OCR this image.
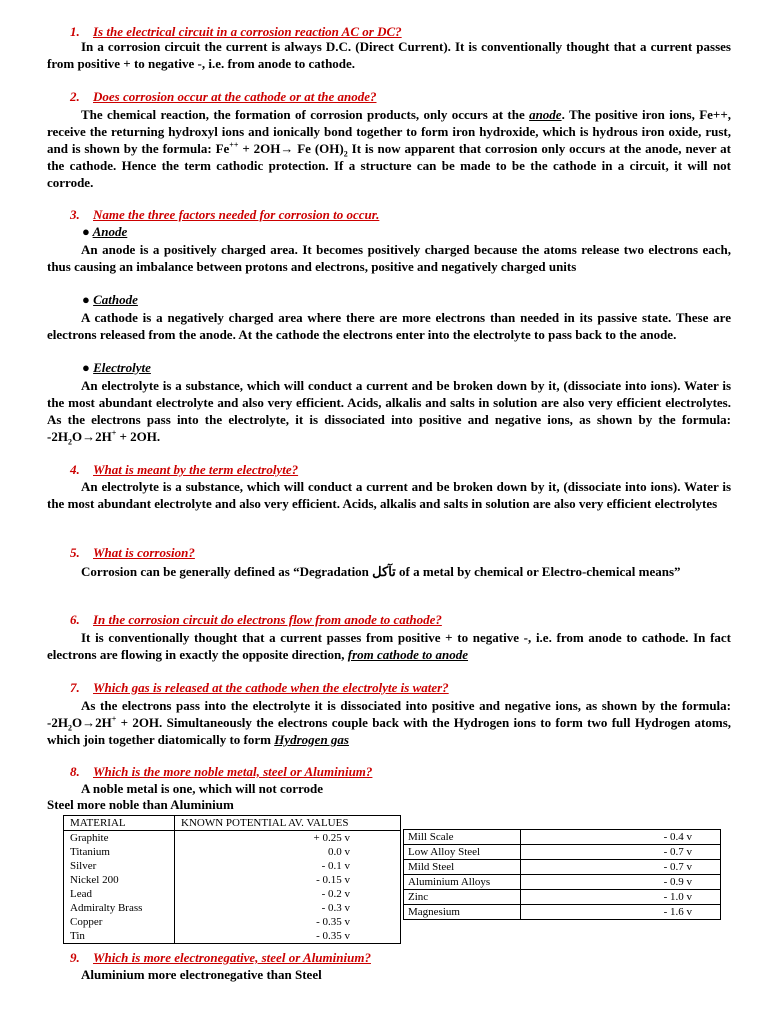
1. Is the electrical circuit in a corrosion reaction AC or DC?

In a corrosion circuit the current is always D.C. (Direct Current). It is conventionally thought that a current passes from positive + to negative -, i.e. from anode to cathode.

2. Does corrosion occur at the cathode or at the anode?

The chemical reaction, the formation of corrosion products, only occurs at the anode. The positive iron ions, Fe++, receive the returning hydroxyl ions and ionically bond together to form iron hydroxide, which is hydrous iron oxide, rust, and is shown by the formula: Fe++ + 2OH→ Fe $(OH)_2$ It is now apparent that corrosion only occurs at the anode, never at the cathode. Hence the term cathodic protection. If a structure can be made to be the cathode in a circuit, it will not corrode.

3. Name the three factors needed for corrosion to occur.
● Anode

An anode is a positively charged area. It becomes positively charged because the atoms release two electrons each, thus causing an imbalance between protons and electrons, positive and negatively charged units

● Cathode

A cathode is a negatively charged area where there are more electrons than needed in its passive state. These are electrons released from the anode. At the cathode the electrons enter into the electrolyte to pass back to the anode.

● Electrolyte

An electrolyte is a substance, which will conduct a current and be broken down by it, (dissociate into ions). Water is the most abundant electrolyte and also very efficient. Acids, alkalis and salts in solution are also very efficient electrolytes. As the electrons pass into the electrolyte, it is dissociated into positive and negative ions, as shown by the formula: $-2H_2O\to 2H^+ + 2OH$.

4. What is meant by the term electrolyte?

An electrolyte is a substance, which will conduct a current and be broken down by it, (dissociate into ions). Water is the most abundant electrolyte and also very efficient. Acids, alkalis and salts in solution are also very efficient electrolytes

5. What is corrosion?

Corrosion can be generally defined as “Degradation تآکل of a metal by chemical or Electro-chemical means”

6. In the corrosion circuit do electrons flow from anode to cathode?

It is conventionally thought that a current passes from positive + to negative -, i.e. from anode to cathode. In fact electrons are flowing in exactly the opposite direction, from cathode to anode

7. Which gas is released at the cathode when the electrolyte is water?

As the electrons pass into the electrolyte it is dissociated into positive and negative ions, as shown by the formula: $-2H_2O\to 2H^+ + 2OH$. Simultaneously the electrons couple back with the Hydrogen ions to form two full Hydrogen atoms, which join together diatomically to form Hydrogen gas

8. Which is the more noble metal, steel or Aluminium?
A noble metal is one, which will not corrode
Steel more noble than Aluminium
MATERIAL	KNOWN POTENTIAL AV. VALUES
Graphite	+ 0.25 v
Titanium	0.0 v
Silver	- 0.1 v
Nickel 200	- 0.15 v
Lead	- 0.2 v
Admiralty Brass	- 0.3 v
Copper	- 0.35 v
Tin	- 0.35 v
Mill Scale	- 0.4 v
Low Alloy Steel	- 0.7 v
Mild Steel	- 0.7 v
Aluminium Alloys	- 0.9 v
Zinc	- 1.0 v
Magnesium	- 1.6 v
9. Which is more electronegative, steel or Aluminium?
Aluminium more electronegative than Steel
